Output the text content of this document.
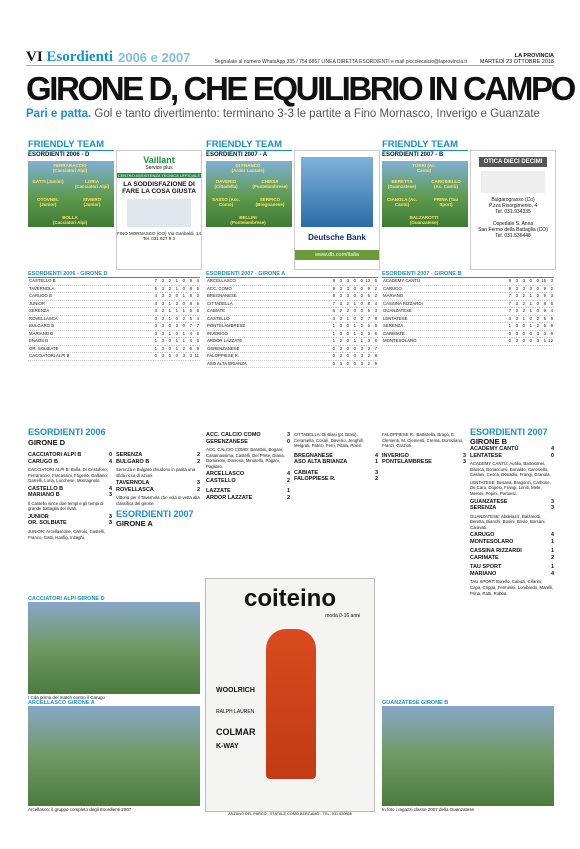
VI Esordienti 2006 e 2007	Segnalate al numero WhatsApp 335 / 754 8857 LINEA DIRETTA ESORDIENTI e mail piccolecalcio@laprovincia.it
LA PROVINCIA
MARTEDÌ 23 OTTOBRE 2018
GIRONE D, CHE EQUILIBRIO IN CAMPO
Pari e patta. Gol e tanto divertimento: terminano 3-3 le partite a Fino Mornasco, Inverigo e Guanzate
FRIENDLY TEAM
ESORDIENTI 2006 - D
FERRARACCIO (Cacciatori Alpi)
GATTI (Junior)	LORIA (Cacciatori Alpi)
OTOVNEL (Junior)
SIVIERO (Junior)
BOLLA (Cacciatori Alpi)
Vaillant
Service plus
CENTRO ASSISTENZA TECNICA UFFICIALE
LA SODDISFAZIONE DI FARE LA COSA GIUSTA
FINO MORNASCO (CO) Via Garibaldi, 14 Tel. 031 927 8 3
FRIENDLY TEAM
ESORDIENTI 2007 - A
DI FRANCO (Ardor Lazzate)
DAVERIO (Cittadella)
CHIESA (Pontelambrese)
SASSO (Acc. Como)
SERPICO (Bregnanese)
BELLINI (Pontelambrese)
Deutsche Bank
www.db.com/italia
FRIENDLY TEAM
ESORDIENTI 2007 - B
TORRI (Ac. Cantù)
BERETTA (Guanzatese)
CAROSIELLO (Ac. Cantù)
CIANOLA (Ac. Cantù)
PRINA (Tau Sport)
BALZAROTTI (Guanzatese)
OTICA DIECI DECIMI
Bulgarograsso (Co)
P.zza Risorgimento, 4
Tel. 031.934335
Ospedale S. Anna
San Fermo della Battaglia (CO)
Tel. 031.536448
ESORDIENTI 2006 - GIRONE D
CASTELLO B	7	3	2	1	0	9	4
TAVERNOLA	5	3	2	1	0	8	5
CARUGO B	4	3	2	0	1	8	3
JUNIOR	4	3	1	2	0	8	6
SERENZA	4	3	1	1	1	5	5
ROVELLASCA	3	3	1	0	2	5	4
BULGARO B	3	3	0	3	0	7	7
MARIANO B	3	3	1	0	1	4	6
ENAOS B	1	3	0	1	1	4	6
OR. SOLBIATE	1	3	0	1	2	6	9
CACCIATORI ALPI B	0	3	0	0	3	3	11
ESORDIENTI 2007 - GIRONE A
ARCELLASCO	9	3	3	0	0	13	5
ACC. COMO	9	3	3	0	0	9	2
BREGNANESE	9	3	3	0	0	6	2
CITTADELLA	7	3	2	1	0	8	4
CABIATE	6	2	2	0	0	5	3
CASTELLO	3	3	1	0	2	7	8
PONTELAMBRESE	1	3	0	1	2	6	9
INVERIGO	1	3	0	1	2	3	6
ARDOR LAZZATE	1	2	0	1	1	3	5
GERENZANESE	0	3	0	0	3	3	7
FALOPPIESE R.	0	3	0	0	3	2	8
ASO ALTA BRIANZA	0	3	0	0	3	2	9
ESORDIENTI 2007 - GIRONE B
ACADEMY CANTÙ	9	3	3	0	0	15	3
CARUGO	9	3	3	0	0	9	2
MARIANO	7	3	2	1	0	9	3
CASSINA RIZZARDI	7	3	2	1	0	8	6
GUANZATESE	7	3	2	1	0	9	4
LENTATESE	3	3	1	0	2	5	9
SERENZA	1	3	0	1	2	5	9
CARIMATE	0	3	0	0	3	3	9
MONTESOLARO	0	3	0	0	3	1	12
ESORDIENTI 2006
GIRONE D
CACCIATORI ALPI B	0
CARUGO B	4
CACCIATORI ALPI B: Bolla, Di Cristoforo, Ferraraccio, Fracassini, Frigerio, Galliano, Garrelli, Loria, Lucchese, Montagnolo.
CASTELLO B	4
MARIANO B	3
Il Castello vince due tempi e gli tempi di grande battaglia dei rivali.
JUNIOR	3
OR. SOLBIATE	3
JUNIOR: Arcellascone, Carrolo, Castelli, Franco, Gatti, Hanfig, Inzaghi.
SERENZA	2
BULGARO B	2
Serenza e Bulgaro chiudono in parità una sfida ricca di azioni.
TAVERNOLA	3
ROVELLASCA	2
Vittoria per il Tavernola che vola in vetta alla classifica del girone.
ESORDIENTI 2007
GIRONE A
ACC. CALCIO COMO	3
GERENZANESE	0
ACC. CALCIO COMO: Barattini, Bogani, Casamassima, Castelli, Del Prete, Diana, Dominioni, Doniena, Minotello, Pagani, Pagliaro.
ARCELLASCO	4
CASTELLO	2
LAZZATE	1
ARDOR LAZZATE	2
CITTADELLA: Di Blasi (pt. Brasi), Ceramella, Cosari, Daverio, Jenghill, Melgrati, Patrizi, Ferri, Pitala, Poieri.
BREGNANESE	4
ASO ALTA BRIANZA	1
CABIATE	3
FALOPPIESE R.	2
FALOPPIESE R.: Battistella, Bragò, E. Clementi, M. Clementi, Crema, Domiziano, Franzi, Grazioli.
INVERIGO	3
PONTELAMBRESE	3
ESORDIENTI 2007
GIRONE B
ACADEMY CANTÙ	4
LENTATESE	0
ACADEMY CANTÙ: Autilio, Bartolomei, Bilusca, Bonaccorsi, Bonaldo, Carosiello, Caslani, Cecca, Donadio, Frangi, Granola.
LENTATESE: Besana, Bragonzi, Carbone, De Caro, Dopesi, Frangi, Limiti, Mele, Meroni, Pepini, Portuesi.
GUANZATESE	3
SERENZA	3
GUANZATESE: Abdelaziz, Balzarotti, Beretta, Bianchi, Bosini, Brivio, Borsani, Caravati.
CARUGO	4
MONTESOLARO	1
CASSINA RIZZARDI	1
CARIMATE	2
TAU SPORT	1
MARIANO	4
TAU SPORT: Borello, Cabuzi, Cifarini, Capa, Crippa, Ferminini, Lombardo, Marelli, Prina, Ratti, Robba.
CACCIATORI ALPI GIRONE D
I Cda prima del match contro il Carugo
ARCELLASCO GIRONE A
Arcellasco: il gruppo completo degli Esordienti 2007
GUANZATESE GIRONE B
In foto i ragazzi classe 2007 della Guanzatese
coiteino
moda 0-16 anni
WOOLRICH
RALPH LAUREN
COLMAR
K-WAY
ANZANO DEL PARCO - STATALE COMO BERGAMO - TEL. 031 630858
